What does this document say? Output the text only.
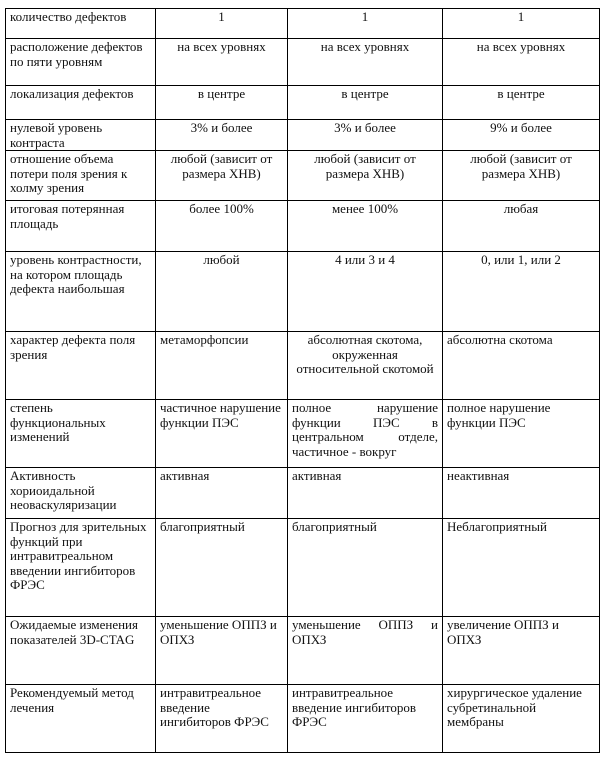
количество дефектов	1	1	1
расположение дефектов по пяти уровням	на всех уровнях	на всех уровнях	на всех уровнях
локализация дефектов	в центре	в центре	в центре
нулевой уровень контраста	3% и более	3% и более	9% и более
отношение объема потери поля зрения к холму зрения	любой (зависит от размера ХНВ)	любой (зависит от размера ХНВ)	любой (зависит от размера ХНВ)
итоговая потерянная площадь	более 100%	менее 100%	любая
уровень контрастности, на котором площадь дефекта наибольшая	любой	4 или 3 и 4	0, или 1, или 2
характер дефекта поля зрения	метаморфопсии	абсолютная скотома, окруженная относительной скотомой	абсолютна скотома
степень функциональных изменений	частичное нарушение функции ПЭС	полное нарушение функции ПЭС в центральном отделе, частичное - вокруг	полное нарушение функции ПЭС
Активность хориоидальной неоваскуляризации	активная	активная	неактивная
Прогноз для зрительных функций при интравитреальном введении ингибиторов ФРЭС	благоприятный	благоприятный	Неблагоприятный
Ожидаемые изменения показателей 3D-CTAG	уменьшение ОППЗ и ОПХЗ	уменьшение ОППЗ и ОПХЗ	увеличение ОППЗ и ОПХЗ
Рекомендуемый метод лечения	интравитреальное введение ингибиторов ФРЭС	интравитреальное введение ингибиторов ФРЭС	хирургическое удаление субретинальной мембраны
